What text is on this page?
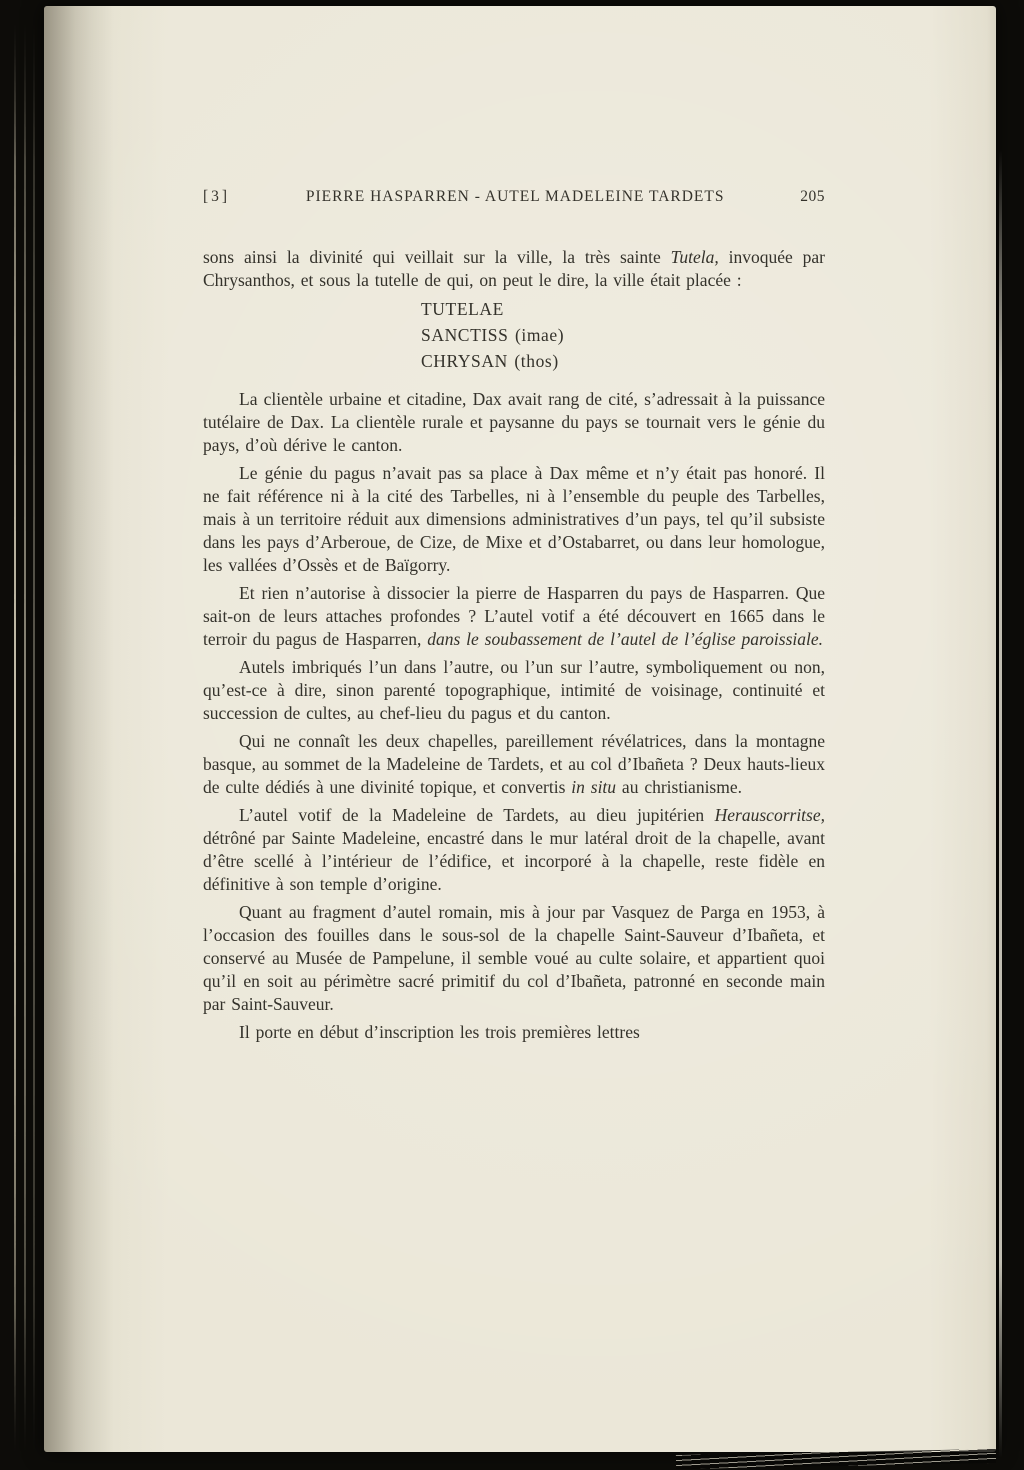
[3]	PIERRE HASPARREN - AUTEL MADELEINE TARDETS	205

sons ainsi la divinité qui veillait sur la ville, la très sainte Tutela, invoquée par Chrysanthos, et sous la tutelle de qui, on peut le dire, la ville était placée :

TUTELAE
SANCTISS (imae)
CHRYSAN (thos)

La clientèle urbaine et citadine, Dax avait rang de cité, s’adressait à la puissance tutélaire de Dax. La clientèle rurale et paysanne du pays se tournait vers le génie du pays, d’où dérive le canton.

Le génie du pagus n’avait pas sa place à Dax même et n’y était pas honoré. Il ne fait référence ni à la cité des Tarbelles, ni à l’ensemble du peuple des Tarbelles, mais à un territoire réduit aux dimensions administratives d’un pays, tel qu’il subsiste dans les pays d’Arberoue, de Cize, de Mixe et d’Ostabarret, ou dans leur homologue, les vallées d’Ossès et de Baïgorry.

Et rien n’autorise à dissocier la pierre de Hasparren du pays de Hasparren. Que sait-on de leurs attaches profondes ? L’autel votif a été découvert en 1665 dans le terroir du pagus de Hasparren, dans le soubassement de l’autel de l’église paroissiale.

Autels imbriqués l’un dans l’autre, ou l’un sur l’autre, symboliquement ou non, qu’est-ce à dire, sinon parenté topographique, intimité de voisinage, continuité et succession de cultes, au chef-lieu du pagus et du canton.

Qui ne connaît les deux chapelles, pareillement révélatrices, dans la montagne basque, au sommet de la Madeleine de Tardets, et au col d’Ibañeta ? Deux hauts-lieux de culte dédiés à une divinité topique, et convertis in situ au christianisme.

L’autel votif de la Madeleine de Tardets, au dieu jupitérien Herauscorritse, détrôné par Sainte Madeleine, encastré dans le mur latéral droit de la chapelle, avant d’être scellé à l’intérieur de l’édifice, et incorporé à la chapelle, reste fidèle en définitive à son temple d’origine.

Quant au fragment d’autel romain, mis à jour par Vasquez de Parga en 1953, à l’occasion des fouilles dans le sous-sol de la chapelle Saint-Sauveur d’Ibañeta, et conservé au Musée de Pampelune, il semble voué au culte solaire, et appartient quoi qu’il en soit au périmètre sacré primitif du col d’Ibañeta, patronné en seconde main par Saint-Sauveur.

Il porte en début d’inscription les trois premières lettres
